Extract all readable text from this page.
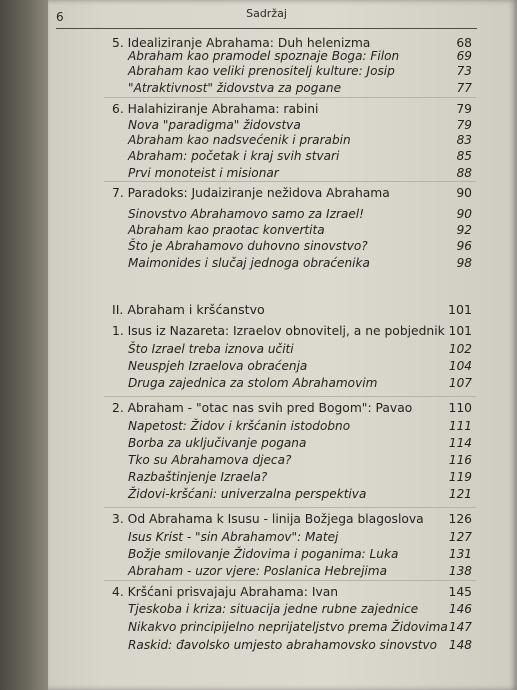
6	Sadržaj
5. Idealiziranje Abrahama: Duh helenizma	68
Abraham kao pramodel spoznaje Boga: Filon	69
Abraham kao veliki prenositelj kulture: Josip	73
"Atraktivnost" židovstva za pogane	77
6. Halahiziranje Abrahama: rabini	79
Nova "paradigma" židovstva	79
Abraham kao nadsvećenik i prarabin	83
Abraham: početak i kraj svih stvari	85
Prvi monoteist i misionar	88
7. Paradoks: Judaiziranje nežidova Abrahama	90
Sinovstvo Abrahamovo samo za Izrael!	90
Abraham kao praotac konvertita	92
Što je Abrahamovo duhovno sinovstvo?	96
Maimonides i slučaj jednoga obraćenika	98
II. Abraham i kršćanstvo	101
1. Isus iz Nazareta: Izraelov obnovitelj, a ne pobjednik 101
Što Izrael treba iznova učiti	102
Neuspjeh Izraelova obraćenja	104
Druga zajednica za stolom Abrahamovim	107
2. Abraham - "otac nas svih pred Bogom": Pavao	110
Napetost: Židov i kršćanin istodobno	111
Borba za uključivanje pogana	114
Tko su Abrahamova djeca?	116
Razbaštinjenje Izraela?	119
Židovi-kršćani: univerzalna perspektiva	121
3. Od Abrahama k Isusu - linija Božjega blagoslova 126
Isus Krist - "sin Abrahamov": Matej	127
Božje smilovanje Židovima i poganima: Luka	131
Abraham - uzor vjere: Poslanica Hebrejima	138
4. Kršćani prisvajaju Abrahama: Ivan	145
Tjeskoba i kriza: situacija jedne rubne zajednice	146
Nikakvo principijelno neprijateljstvo prema Židovima 147
Raskid: đavolsko umjesto abrahamovsko sinovstvo 148
